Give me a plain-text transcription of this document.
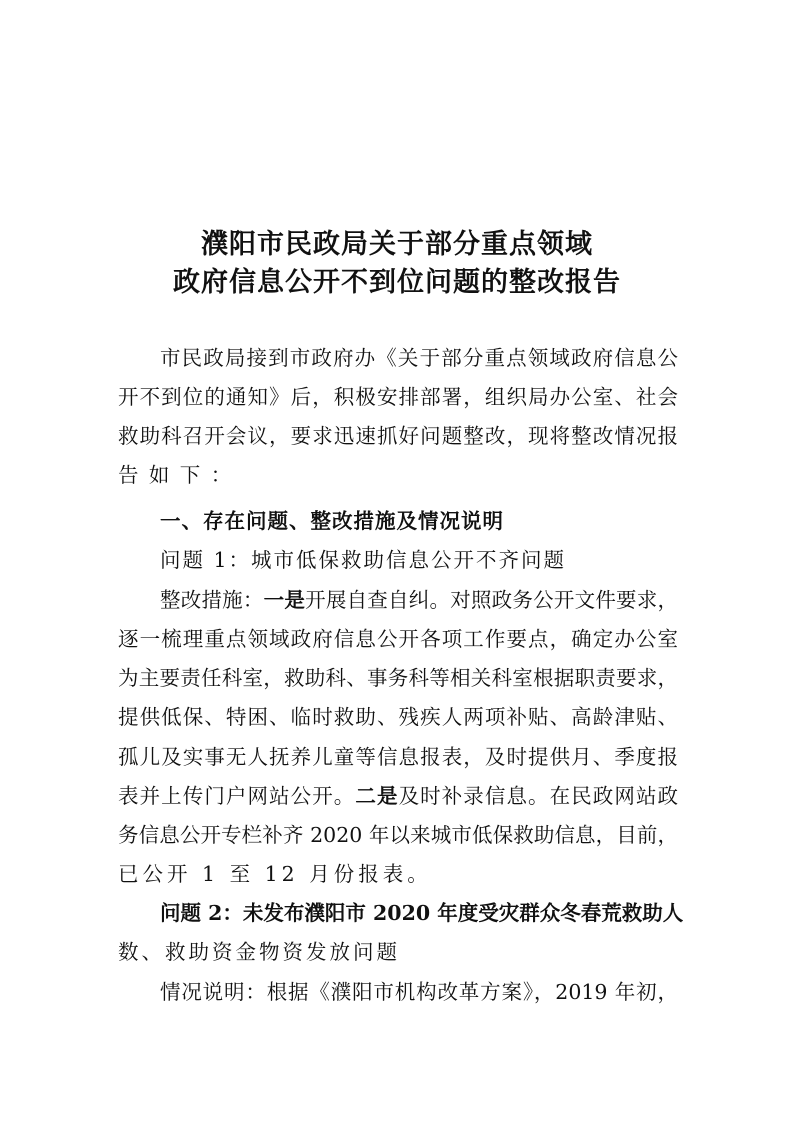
濮阳市民政局关于部分重点领域
政府信息公开不到位问题的整改报告
市民政局接到市政府办《关于部分重点领域政府信息公
开不到位的通知》后，积极安排部署，组织局办公室、社会
救助科召开会议，要求迅速抓好问题整改，现将整改情况报
告如下：
一、存在问题、整改措施及情况说明
问题 1：城市低保救助信息公开不齐问题
整改措施：一是开展自查自纠。对照政务公开文件要求，
逐一梳理重点领域政府信息公开各项工作要点，确定办公室
为主要责任科室，救助科、事务科等相关科室根据职责要求，
提供低保、特困、临时救助、残疾人两项补贴、高龄津贴、
孤儿及实事无人抚养儿童等信息报表，及时提供月、季度报
表并上传门户网站公开。二是及时补录信息。在民政网站政
务信息公开专栏补齐 2020 年以来城市低保救助信息，目前，
已公开 1 至 12 月份报表。
问题 2：未发布濮阳市 2020 年度受灾群众冬春荒救助人
数、救助资金物资发放问题
情况说明：根据《濮阳市机构改革方案》，2019 年初，
